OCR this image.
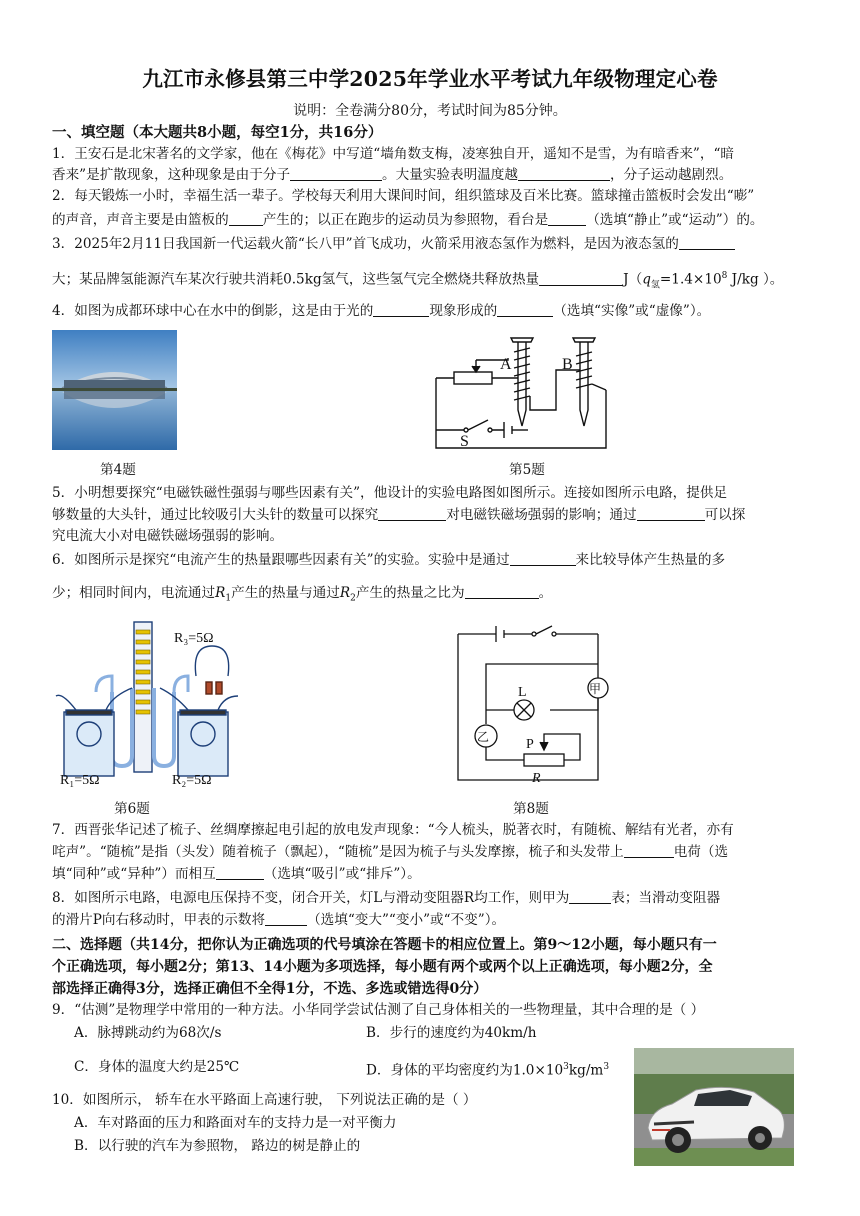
九江市永修县第三中学2025年学业水平考试九年级物理定心卷
说明：全卷满分80分，考试时间为85分钟。
一、填空题（本大题共8小题，每空1分，共16分）
1．王安石是北宋著名的文学家，他在《梅花》中写道“墙角数支梅，凌寒独自开，遥知不是雪，为有暗香来”，“暗
香来”是扩散现象，这种现象是由于分子	。大量实验表明温度越	，分子运动越剧烈。
2．每天锻炼一小时，幸福生活一辈子。学校每天利用大课间时间，组织篮球及百米比赛。篮球撞击篮板时会发出“嘭”
的声音，声音主要是由篮板的	产生的；以正在跑步的运动员为参照物，看台是	（选填“静止”或“运动”）的。
3．2025年2月11日我国新一代运载火箭“长八甲”首飞成功，火箭采用液态氢作为燃料，是因为液态氢的
大；某品牌氢能源汽车某次行驶共消耗0.5kg氢气，这些氢气完全燃烧共释放热量	$J(q_氢=1.4\times 10^8$ J/kg ）。
4．如图为成都环球中心在水中的倒影，这是由于光的	现象形成的	（选填“实像”或“虚像”）。
第4题
A	B
S
第5题
5．小明想要探究“电磁铁磁性强弱与哪些因素有关”，他设计的实验电路图如图所示。连接如图所示电路，提供足
够数量的大头针，通过比较吸引大头针的数量可以探究	对电磁铁磁场强弱的影响；通过	可以探
究电流大小对电磁铁磁场强弱的影响。
6．如图所示是探究“电流产生的热量跟哪些因素有关”的实验。实验中是通过	来比较导体产生热量的多
少；相同时间内，电流通过$R_1$产生的热量与通过$R_2$产生的热量之比为	。
R₃=5Ω
R₁=5Ω	R₂=5Ω
第6题
甲
乙
L
P
R
第8题
7．西晋张华记述了梳子、丝绸摩擦起电引起的放电发声现象：“今人梳头，脱著衣时，有随梳、解结有光者，亦有
咤声”。“随梳”是指（头发）随着梳子（飘起），“随梳”是因为梳子与头发摩擦，梳子和头发带上	电荷（选
填“同种”或“异种”）而相互	（选填“吸引”或“排斥”）。
8．如图所示电路，电源电压保持不变，闭合开关，灯L与滑动变阻器R均工作，则甲为	表；当滑动变阻器
的滑片P向右移动时，甲表的示数将	（选填“变大”“变小”或“不变”）。
二、选择题（共14分，把你认为正确选项的代号填涂在答题卡的相应位置上。第9～12小题，每小题只有一
个正确选项，每小题2分；第13、14小题为多项选择，每小题有两个或两个以上正确选项，每小题2分，全
部选择正确得3分，选择正确但不全得1分，不选、多选或错选得0分）
9．“估测”是物理学中常用的一种方法。小华同学尝试估测了自己身体相关的一些物理量，其中合理的是（ ）
A．脉搏跳动约为68次/s	B．步行的速度约为40km/h
C．身体的温度大约是25℃	D．身体的平均密度约为$1.0\times 10^3kg/m^3$
10．如图所示， 轿车在水平路面上高速行驶， 下列说法正确的是（ ）
A．车对路面的压力和路面对车的支持力是一对平衡力
B．以行驶的汽车为参照物， 路边的树是静止的
